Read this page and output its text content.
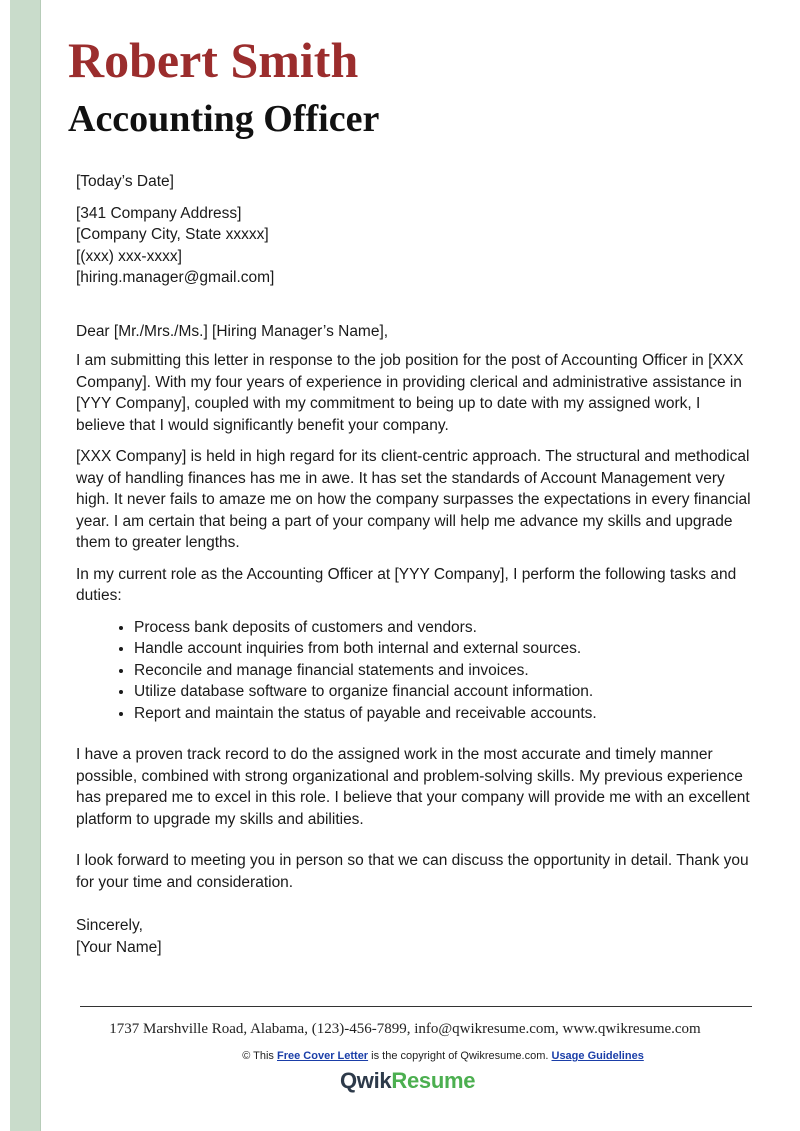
Robert Smith
Accounting Officer

[Today’s Date]

[341 Company Address]

[Company City, State xxxxx]

[(xxx) xxx-xxxx]

[hiring.manager@gmail.com]

Dear [Mr./Mrs./Ms.] [Hiring Manager’s Name],

I am submitting this letter in response to the job position for the post of Accounting Officer in [XXX Company]. With my four years of experience in providing clerical and administrative assistance in [YYY Company], coupled with my commitment to being up to date with my assigned work, I believe that I would significantly benefit your company.

[XXX Company] is held in high regard for its client-centric approach. The structural and methodical way of handling finances has me in awe. It has set the standards of Account Management very high. It never fails to amaze me on how the company surpasses the expectations in every financial year. I am certain that being a part of your company will help me advance my skills and upgrade them to greater lengths.

In my current role as the Accounting Officer at [YYY Company], I perform the following tasks and duties:

• Process bank deposits of customers and vendors.
• Handle account inquiries from both internal and external sources.
• Reconcile and manage financial statements and invoices.
• Utilize database software to organize financial account information.
• Report and maintain the status of payable and receivable accounts.

I have a proven track record to do the assigned work in the most accurate and timely manner possible, combined with strong organizational and problem-solving skills. My previous experience has prepared me to excel in this role. I believe that your company will provide me with an excellent platform to upgrade my skills and abilities.

I look forward to meeting you in person so that we can discuss the opportunity in detail. Thank you for your time and consideration.

Sincerely,

[Your Name]

1737 Marshville Road, Alabama, (123)-456-7899, info@qwikresume.com, www.qwikresume.com
© This Free Cover Letter is the copyright of Qwikresume.com. Usage Guidelines
QwikResume
